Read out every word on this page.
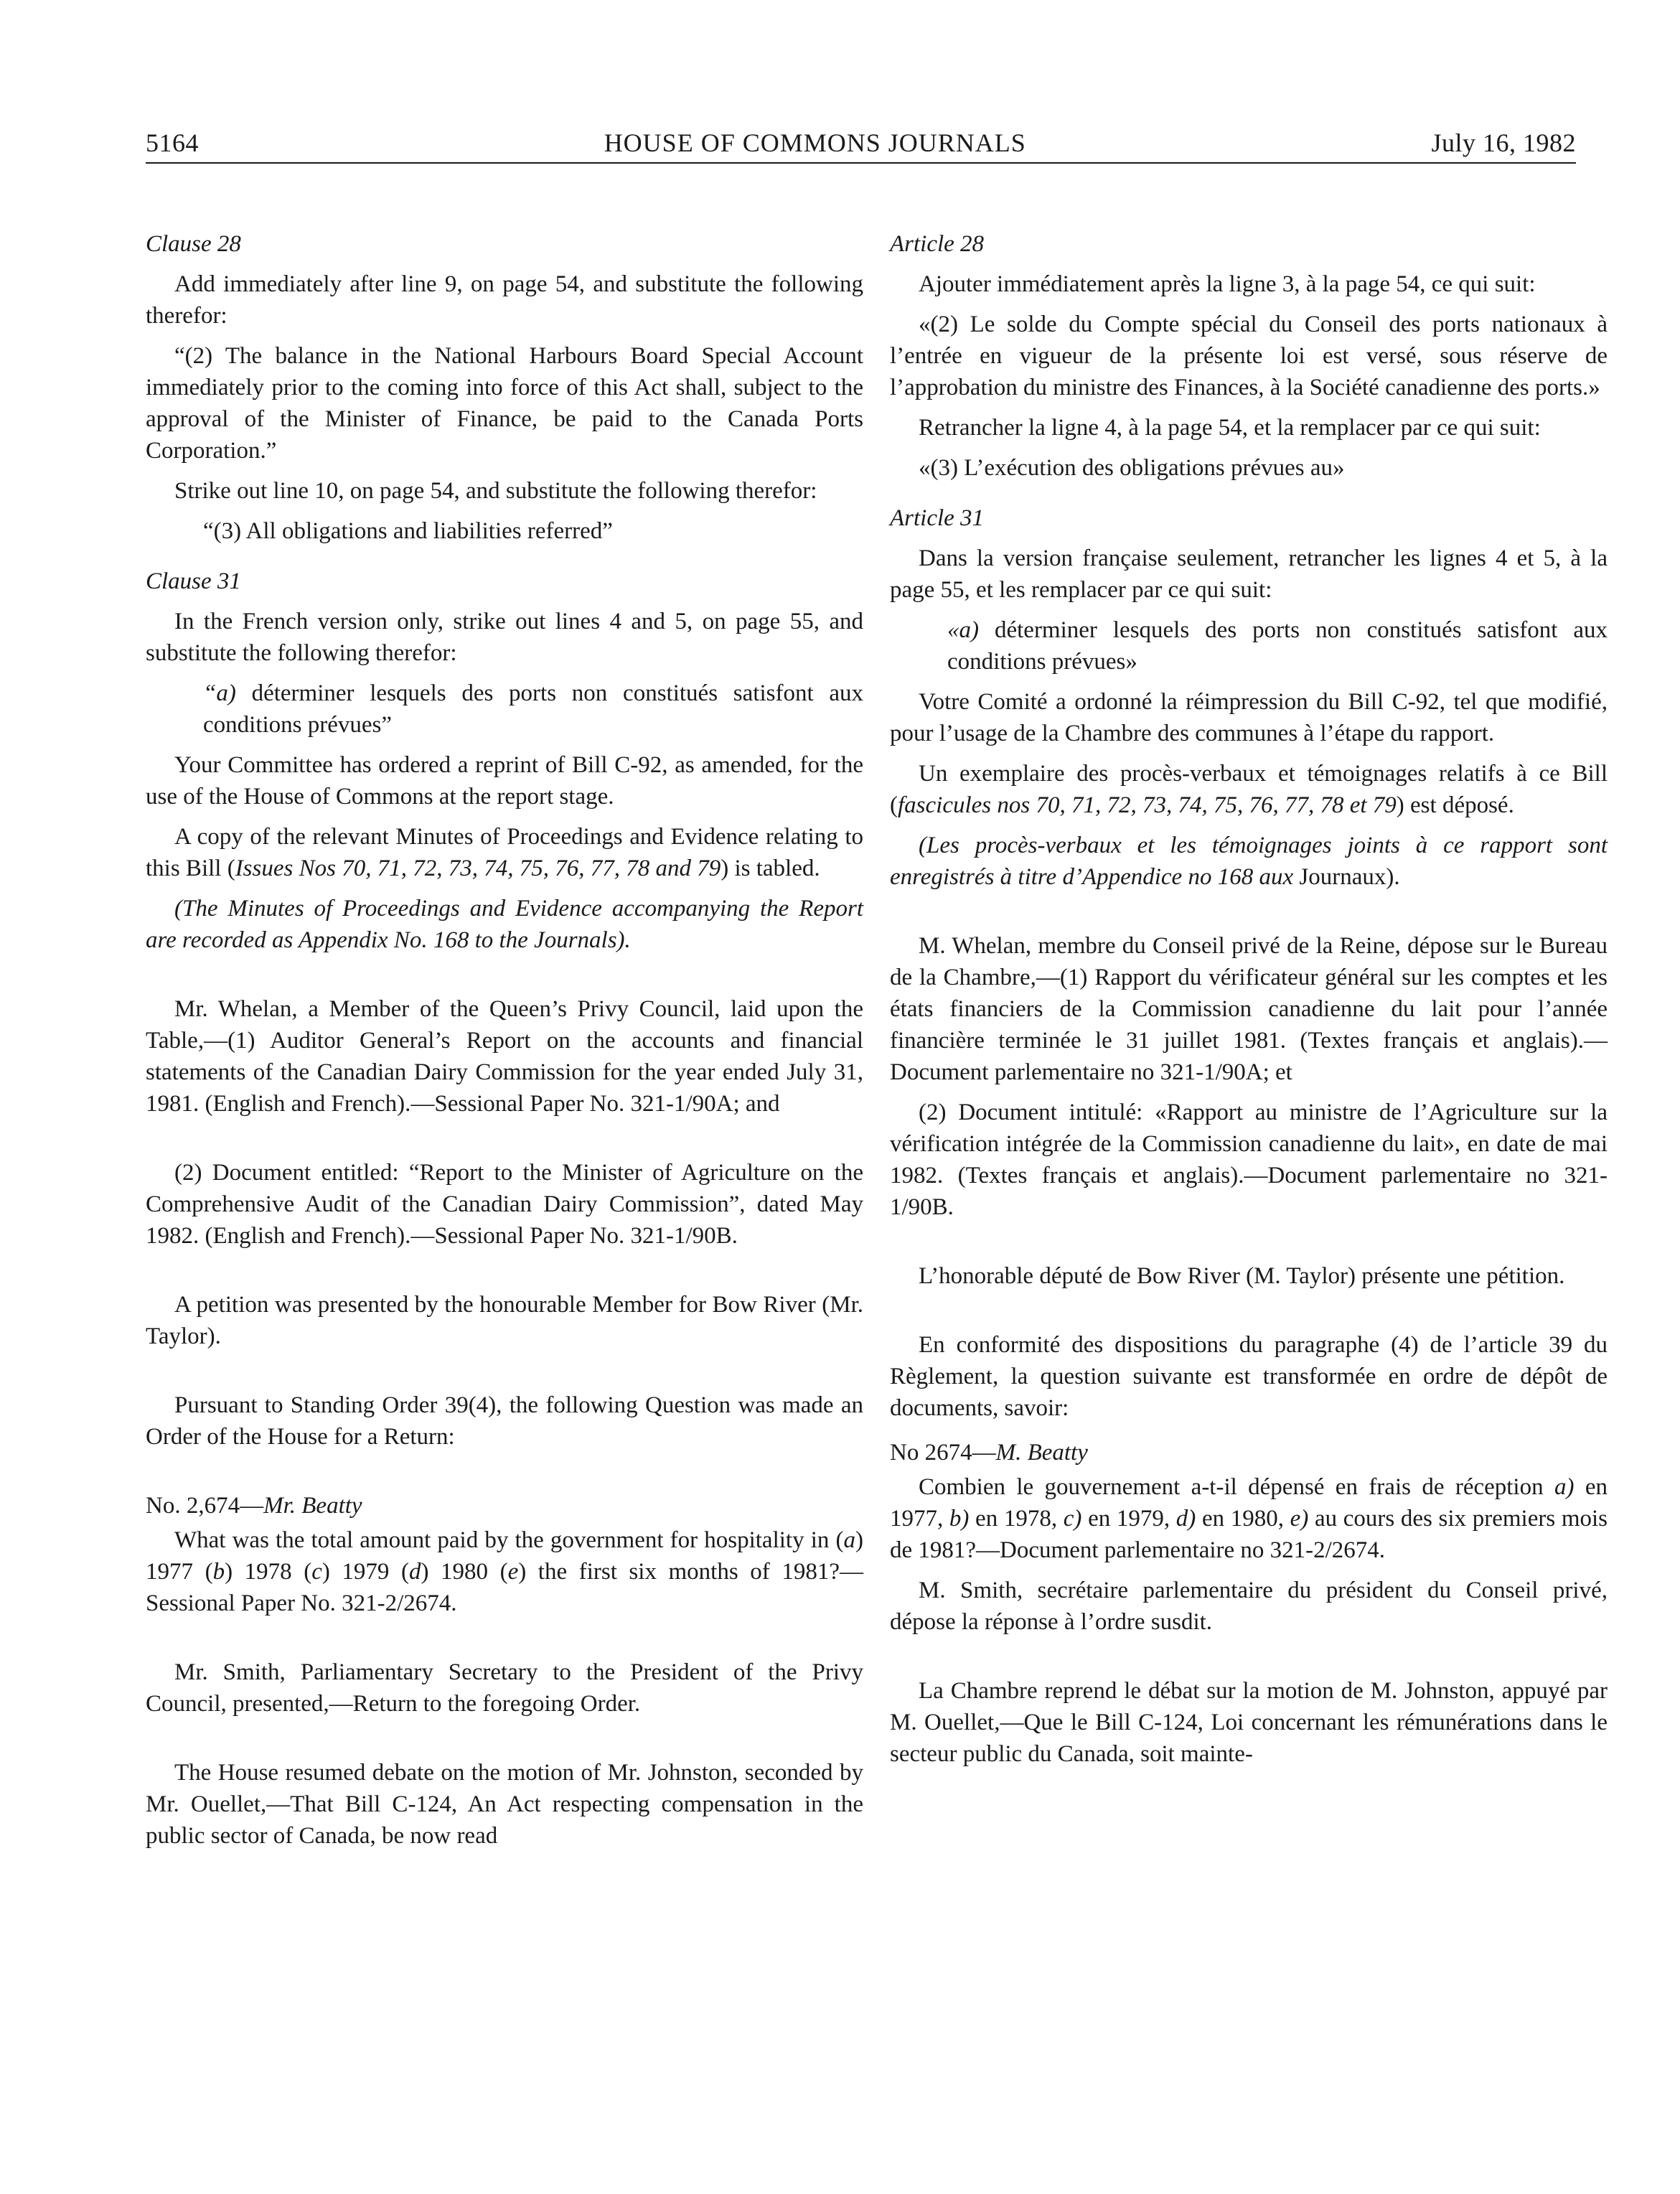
5164	HOUSE OF COMMONS JOURNALS	July 16, 1982

Clause 28

Add immediately after line 9, on page 54, and substitute the following therefor:

“(2) The balance in the National Harbours Board Special Account immediately prior to the coming into force of this Act shall, subject to the approval of the Minister of Finance, be paid to the Canada Ports Corporation.”

Strike out line 10, on page 54, and substitute the following therefor:

“(3) All obligations and liabilities referred”

Clause 31

In the French version only, strike out lines 4 and 5, on page 55, and substitute the following therefor:

“a) déterminer lesquels des ports non constitués satisfont aux conditions prévues”

Your Committee has ordered a reprint of Bill C-92, as amended, for the use of the House of Commons at the report stage.

A copy of the relevant Minutes of Proceedings and Evidence relating to this Bill (Issues Nos 70, 71, 72, 73, 74, 75, 76, 77, 78 and 79) is tabled.

(The Minutes of Proceedings and Evidence accompanying the Report are recorded as Appendix No. 168 to the Journals).

Mr. Whelan, a Member of the Queen’s Privy Council, laid upon the Table,—(1) Auditor General’s Report on the accounts and financial statements of the Canadian Dairy Commission for the year ended July 31, 1981. (English and French).—Sessional Paper No. 321-1/90A; and

(2) Document entitled: “Report to the Minister of Agriculture on the Comprehensive Audit of the Canadian Dairy Commission”, dated May 1982. (English and French).—Sessional Paper No. 321-1/90B.

A petition was presented by the honourable Member for Bow River (Mr. Taylor).

Pursuant to Standing Order 39(4), the following Question was made an Order of the House for a Return:

No. 2,674—Mr. Beatty

What was the total amount paid by the government for hospitality in (a) 1977 (b) 1978 (c) 1979 (d) 1980 (e) the first six months of 1981?—Sessional Paper No. 321-2/2674.

Mr. Smith, Parliamentary Secretary to the President of the Privy Council, presented,—Return to the foregoing Order.

The House resumed debate on the motion of Mr. Johnston, seconded by Mr. Ouellet,—That Bill C-124, An Act respecting compensation in the public sector of Canada, be now read

Article 28

Ajouter immédiatement après la ligne 3, à la page 54, ce qui suit:

«(2) Le solde du Compte spécial du Conseil des ports nationaux à l’entrée en vigueur de la présente loi est versé, sous réserve de l’approbation du ministre des Finances, à la Société canadienne des ports.»

Retrancher la ligne 4, à la page 54, et la remplacer par ce qui suit:

«(3) L’exécution des obligations prévues au»

Article 31

Dans la version française seulement, retrancher les lignes 4 et 5, à la page 55, et les remplacer par ce qui suit:

«a) déterminer lesquels des ports non constitués satisfont aux conditions prévues»

Votre Comité a ordonné la réimpression du Bill C-92, tel que modifié, pour l’usage de la Chambre des communes à l’étape du rapport.

Un exemplaire des procès-verbaux et témoignages relatifs à ce Bill (fascicules nos 70, 71, 72, 73, 74, 75, 76, 77, 78 et 79) est déposé.

(Les procès-verbaux et les témoignages joints à ce rapport sont enregistrés à titre d’Appendice no 168 aux Journaux).

M. Whelan, membre du Conseil privé de la Reine, dépose sur le Bureau de la Chambre,—(1) Rapport du vérificateur général sur les comptes et les états financiers de la Commission canadienne du lait pour l’année financière terminée le 31 juillet 1981. (Textes français et anglais).—Document parlementaire no 321-1/90A; et

(2) Document intitulé: «Rapport au ministre de l’Agriculture sur la vérification intégrée de la Commission canadienne du lait», en date de mai 1982. (Textes français et anglais).—Document parlementaire no 321-1/90B.

L’honorable député de Bow River (M. Taylor) présente une pétition.

En conformité des dispositions du paragraphe (4) de l’article 39 du Règlement, la question suivante est transformée en ordre de dépôt de documents, savoir:

No 2674—M. Beatty

Combien le gouvernement a-t-il dépensé en frais de réception a) en 1977, b) en 1978, c) en 1979, d) en 1980, e) au cours des six premiers mois de 1981?—Document parlementaire no 321-2/2674.

M. Smith, secrétaire parlementaire du président du Conseil privé, dépose la réponse à l’ordre susdit.

La Chambre reprend le débat sur la motion de M. Johnston, appuyé par M. Ouellet,—Que le Bill C-124, Loi concernant les rémunérations dans le secteur public du Canada, soit mainte-
